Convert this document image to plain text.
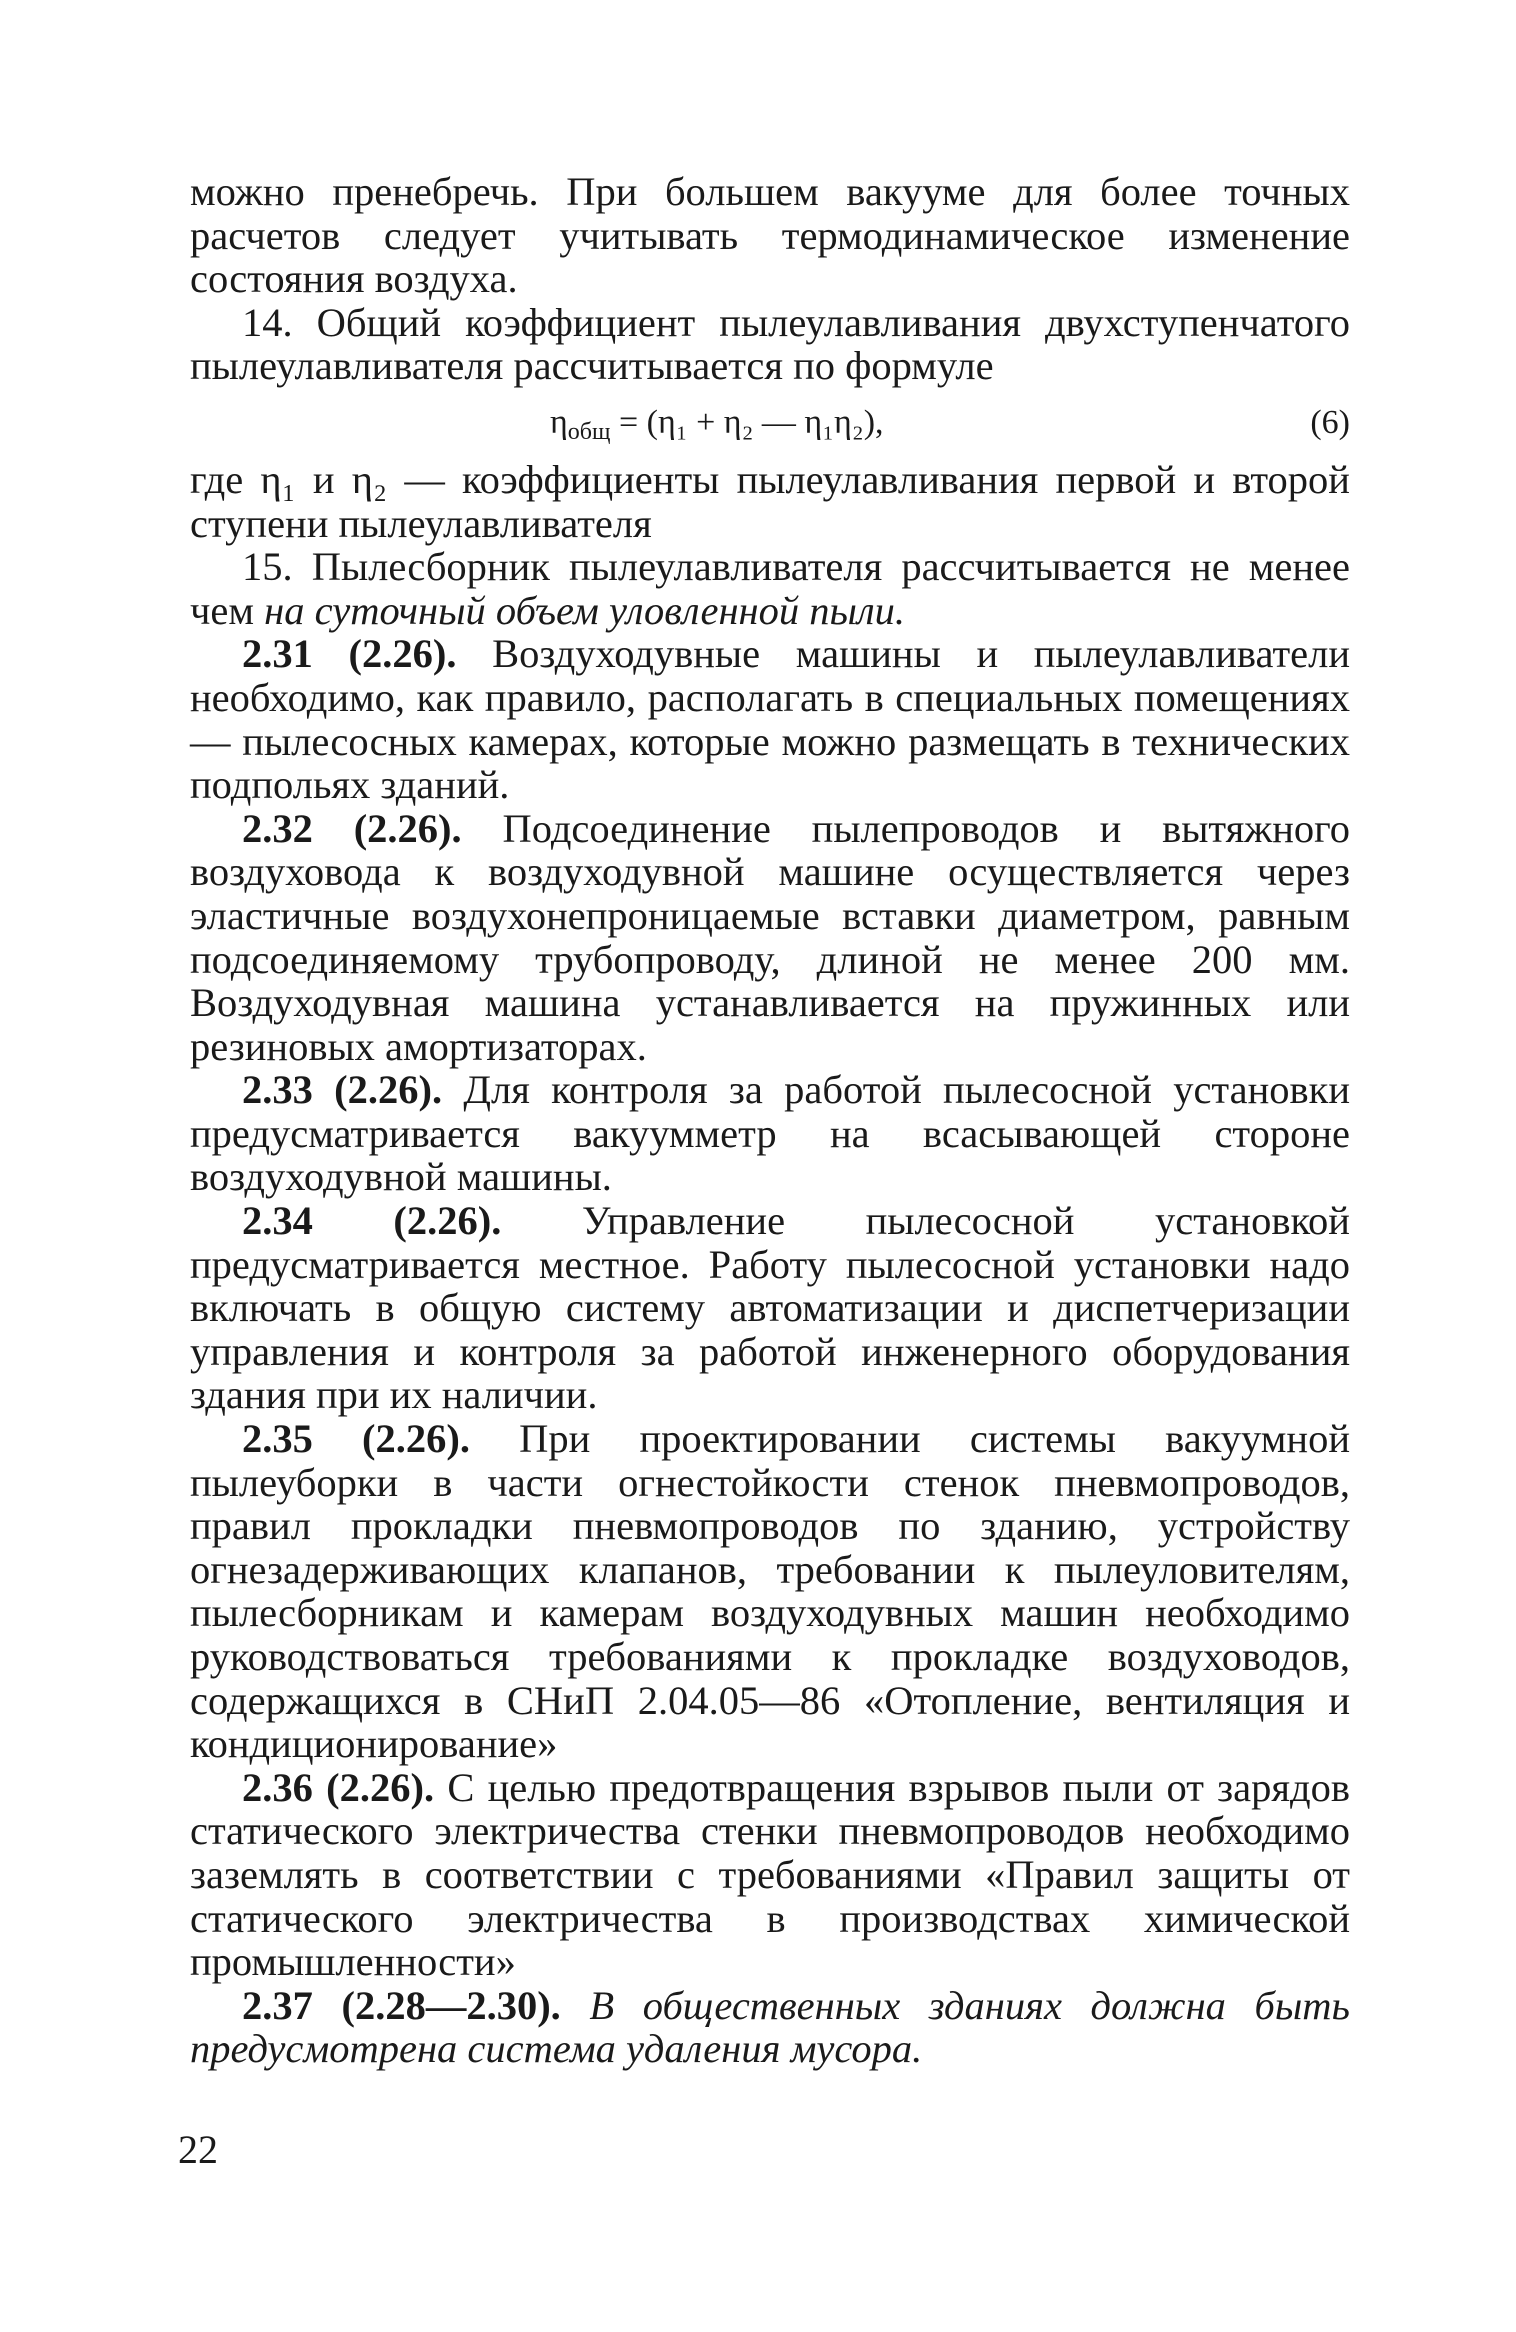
можно пренебречь. При большем вакууме для более точных расчетов следует учитывать термодинамическое изменение состояния воздуха.

14. Общий коэффициент пылеулавливания двухступенчатого пылеулавливателя рассчитывается по формуле

$\eta_{общ} = (\eta_1 + \eta_2$ — η₁η₂),	(6)

где η₁ и η₂ — коэффициенты пылеулавливания первой и второй ступени пылеулавливателя

15. Пылесборник пылеулавливателя рассчитывается не менее чем на суточный объем уловленной пыли.

2.31 (2.26). Воздуходувные машины и пылеулавливатели необходимо, как правило, располагать в специальных помещениях — пылесосных камерах, которые можно размещать в технических подпольях зданий.

2.32 (2.26). Подсоединение пылепроводов и вытяжного воздуховода к воздуходувной машине осуществляется через эластичные воздухонепроницаемые вставки диаметром, равным подсоединяемому трубопроводу, длиной не менее 200 мм. Воздуходувная машина устанавливается на пружинных или резиновых амортизаторах.

2.33 (2.26). Для контроля за работой пылесосной установки предусматривается вакуумметр на всасывающей стороне воздуходувной машины.

2.34 (2.26). Управление пылесосной установкой предусматривается местное. Работу пылесосной установки надо включать в общую систему автоматизации и диспетчеризации управления и контроля за работой инженерного оборудования здания при их наличии.

2.35 (2.26). При проектировании системы вакуумной пылеуборки в части огнестойкости стенок пневмопроводов, правил прокладки пневмопроводов по зданию, устройству огнезадерживающих клапанов, требовании к пылеуловителям, пылесборникам и камерам воздуходувных машин необходимо руководствоваться требованиями к прокладке воздуховодов, содержащихся в СНиП 2.04.05—86 «Отопление, вентиляция и кондиционирование»

2.36 (2.26). С целью предотвращения взрывов пыли от зарядов статического электричества стенки пневмопроводов необходимо заземлять в соответствии с требованиями «Правил защиты от статического электричества в производствах химической промышленности»

2.37 (2.28—2.30). В общественных зданиях должна быть предусмотрена система удаления мусора.

22
